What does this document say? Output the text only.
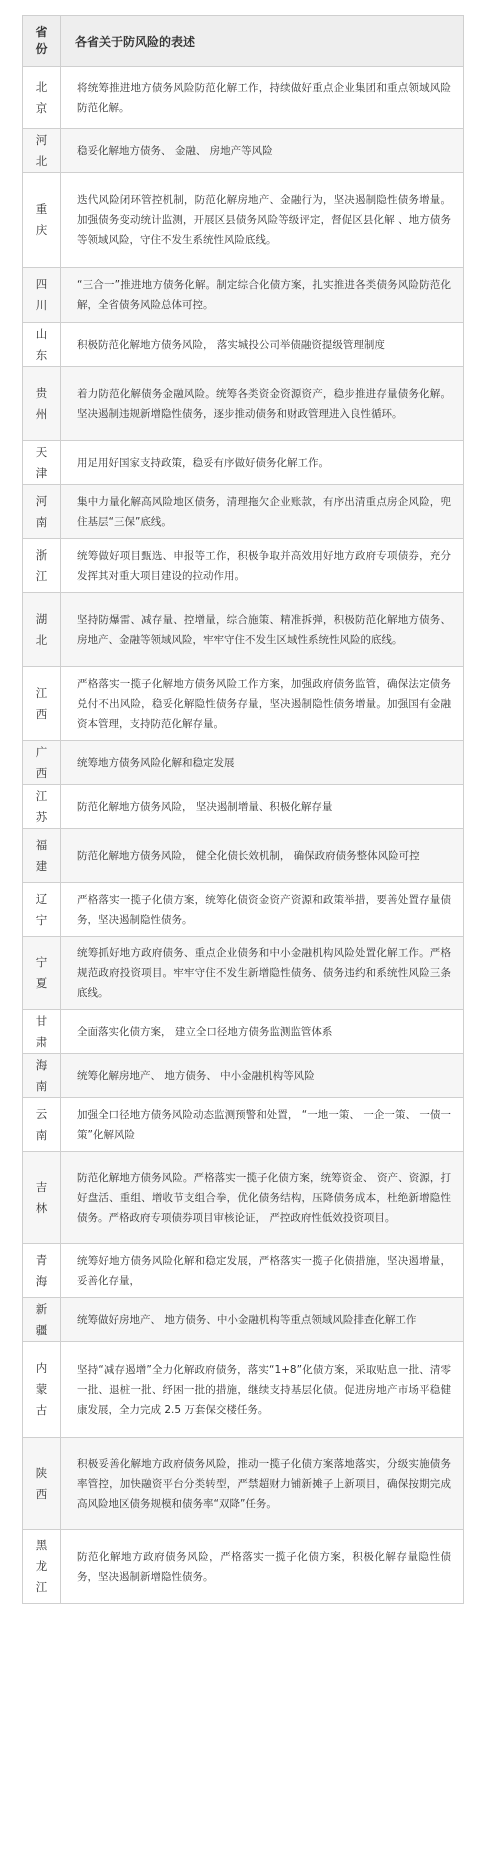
省
份	各省关于防风险的表述

北
京	将统筹推进地方债务风险防范化解工作，持续做好重点企业集团和重点领域风险防范化解。

河
北	稳妥化解地方债务、 金融、 房地产等风险

重
庆	迭代风险闭环管控机制，防范化解房地产、金融行为，坚决遏制隐性债务增量。加强债务变动统计监测，开展区县债务风险等级评定，督促区县化解 、地方债务等领域风险，守住不发生系统性风险底线。

四
川	“三合一”推进地方债务化解。制定综合化债方案，扎实推进各类债务风险防范化解，全省债务风险总体可控。

山
东	积极防范化解地方债务风险， 落实城投公司举债融资提级管理制度

贵
州	着力防范化解债务金融风险。统筹各类资金资源资产，稳步推进存量债务化解。坚决遏制违规新增隐性债务，逐步推动债务和财政管理进入良性循环。

天
津	用足用好国家支持政策，稳妥有序做好债务化解工作。

河
南	集中力量化解高风险地区债务，清理拖欠企业账款，有序出清重点房企风险，兜住基层“三保”底线。

浙
江	统筹做好项目甄选、申报等工作，积极争取并高效用好地方政府专项债券，充分发挥其对重大项目建设的拉动作用。

湖
北	坚持防爆雷、减存量、控增量，综合施策、精准拆弹，积极防范化解地方债务、房地产、金融等领域风险，牢牢守住不发生区域性系统性风险的底线。

江
西	严格落实一揽子化解地方债务风险工作方案，加强政府债务监管，确保法定债务兑付不出风险，稳妥化解隐性债务存量，坚决遏制隐性债务增量。加强国有金融资本管理，支持防范化解存量。

广
西	统筹地方债务风险化解和稳定发展

江
苏	防范化解地方债务风险， 坚决遏制增量、积极化解存量

福
建	防范化解地方债务风险， 健全化债长效机制， 确保政府债务整体风险可控

辽
宁	严格落实一揽子化债方案，统筹化债资金资产资源和政策举措，要善处置存量债务，坚决遏制隐性债务。

宁
夏	统筹抓好地方政府债务、重点企业债务和中小金融机构风险处置化解工作。严格规范政府投资项目。牢牢守住不发生新增隐性债务、债务违约和系统性风险三条底线。

甘
肃	全面落实化债方案， 建立全口径地方债务监测监管体系

海
南	统筹化解房地产、 地方债务、 中小金融机构等风险

云
南	加强全口径地方债务风险动态监测预警和处置， “一地一策、 一企一策、 一债一策”化解风险

吉
林	防范化解地方债务风险。严格落实一揽子化债方案，统筹资金、 资产、资源，打好盘活、重组、增收节支组合拳，优化债务结构，压降债务成本，杜绝新增隐性债务。严格政府专项债券项目审核论证， 严控政府性低效投资项目。

青
海	统筹好地方债务风险化解和稳定发展，严格落实一揽子化债措施，坚决遏增量， 妥善化存量，

新
疆	统筹做好房地产、 地方债务、中小金融机构等重点领域风险排查化解工作

内
蒙
古	坚持“减存遏增”全力化解政府债务，落实“1+8”化债方案，采取贴息一批、清零一批、退桩一批、纾困一批的措施，继续支持基层化债。促进房地产市场平稳健康发展，全力完成 2.5 万套保交楼任务。

陕
西	积极妥善化解地方政府债务风险，推动一揽子化债方案落地落实，分级实施债务率管控，加快融资平台分类转型，严禁超财力铺新摊子上新项目，确保按期完成高风险地区债务规模和债务率“双降”任务。

黑
龙
江	防范化解地方政府债务风险，严格落实一揽子化债方案，积极化解存量隐性债务，坚决遏制新增隐性债务。
